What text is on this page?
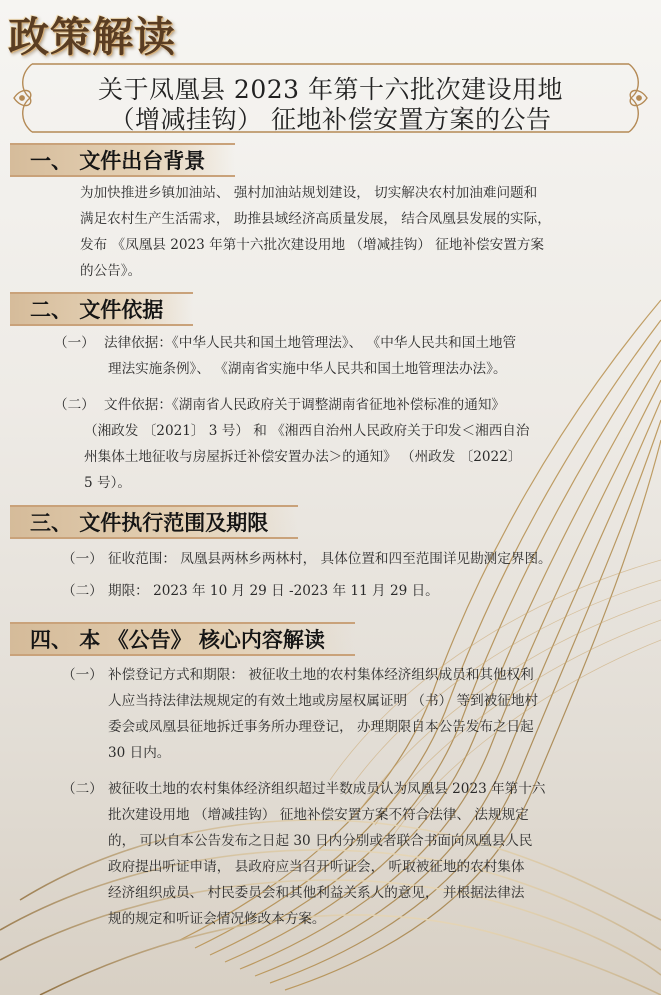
政策解读
关于凤凰县 2023 年第十六批次建设用地
（增减挂钩） 征地补偿安置方案的公告
一、 文件出台背景
为加快推进乡镇加油站、 强村加油站规划建设， 切实解决农村加油难问题和
满足农村生产生活需求， 助推县域经济高质量发展， 结合凤凰县发展的实际，
发布 《凤凰县 2023 年第十六批次建设用地 （增减挂钩） 征地补偿安置方案
的公告》。
二、 文件依据
（一） 法律依据：《中华人民共和国土地管理法》、 《中华人民共和国土地管
理法实施条例》、 《湖南省实施中华人民共和国土地管理法办法》。
（二） 文件依据：《湖南省人民政府关于调整湖南省征地补偿标准的通知》
（湘政发 〔2021〕 3 号） 和 《湘西自治州人民政府关于印发＜湘西自治
州集体土地征收与房屋拆迁补偿安置办法＞的通知》 （州政发 〔2022〕
5 号）。
三、 文件执行范围及期限
（一） 征收范围： 凤凰县两林乡两林村， 具体位置和四至范围详见勘测定界图。
（二） 期限： 2023 年 10 月 29 日 -2023 年 11 月 29 日。
四、 本 《公告》 核心内容解读
（一） 补偿登记方式和期限： 被征收土地的农村集体经济组织成员和其他权利
人应当持法律法规规定的有效土地或房屋权属证明 （书） 等到被征地村
委会或凤凰县征地拆迁事务所办理登记， 办理期限自本公告发布之日起
30 日内。
（二） 被征收土地的农村集体经济组织超过半数成员认为凤凰县 2023 年第十六
批次建设用地 （增减挂钩） 征地补偿安置方案不符合法律、 法规规定
的， 可以自本公告发布之日起 30 日内分别或者联合书面向凤凰县人民
政府提出听证申请， 县政府应当召开听证会， 听取被征地的农村集体
经济组织成员、 村民委员会和其他利益关系人的意见， 并根据法律法
规的规定和听证会情况修改本方案。
